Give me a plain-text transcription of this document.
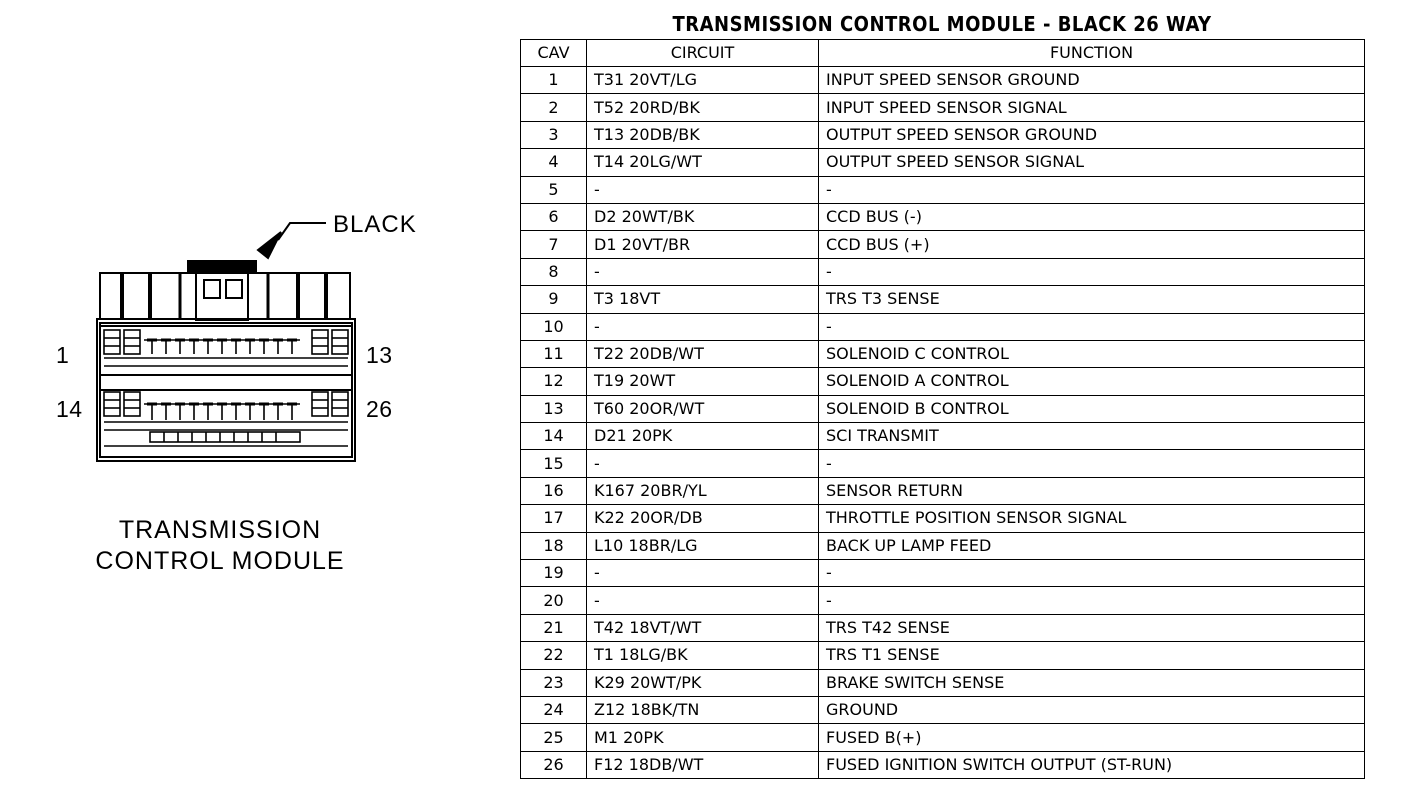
BLACK
1	13
14	26
TRANSMISSION
CONTROL MODULE
TRANSMISSION CONTROL MODULE - BLACK 26 WAY
CAV	CIRCUIT	FUNCTION
1	T31 20VT/LG	INPUT SPEED SENSOR GROUND
2	T52 20RD/BK	INPUT SPEED SENSOR SIGNAL
3	T13 20DB/BK	OUTPUT SPEED SENSOR GROUND
4	T14 20LG/WT	OUTPUT SPEED SENSOR SIGNAL
5	-	-
6	D2 20WT/BK	CCD BUS (-)
7	D1 20VT/BR	CCD BUS (+)
8	-	-
9	T3 18VT	TRS T3 SENSE
10	-	-
11	T22 20DB/WT	SOLENOID C CONTROL
12	T19 20WT	SOLENOID A CONTROL
13	T60 20OR/WT	SOLENOID B CONTROL
14	D21 20PK	SCI TRANSMIT
15	-	-
16	K167 20BR/YL	SENSOR RETURN
17	K22 20OR/DB	THROTTLE POSITION SENSOR SIGNAL
18	L10 18BR/LG	BACK UP LAMP FEED
19	-	-
20	-	-
21	T42 18VT/WT	TRS T42 SENSE
22	T1 18LG/BK	TRS T1 SENSE
23	K29 20WT/PK	BRAKE SWITCH SENSE
24	Z12 18BK/TN	GROUND
25	M1 20PK	FUSED B(+)
26	F12 18DB/WT	FUSED IGNITION SWITCH OUTPUT (ST-RUN)
